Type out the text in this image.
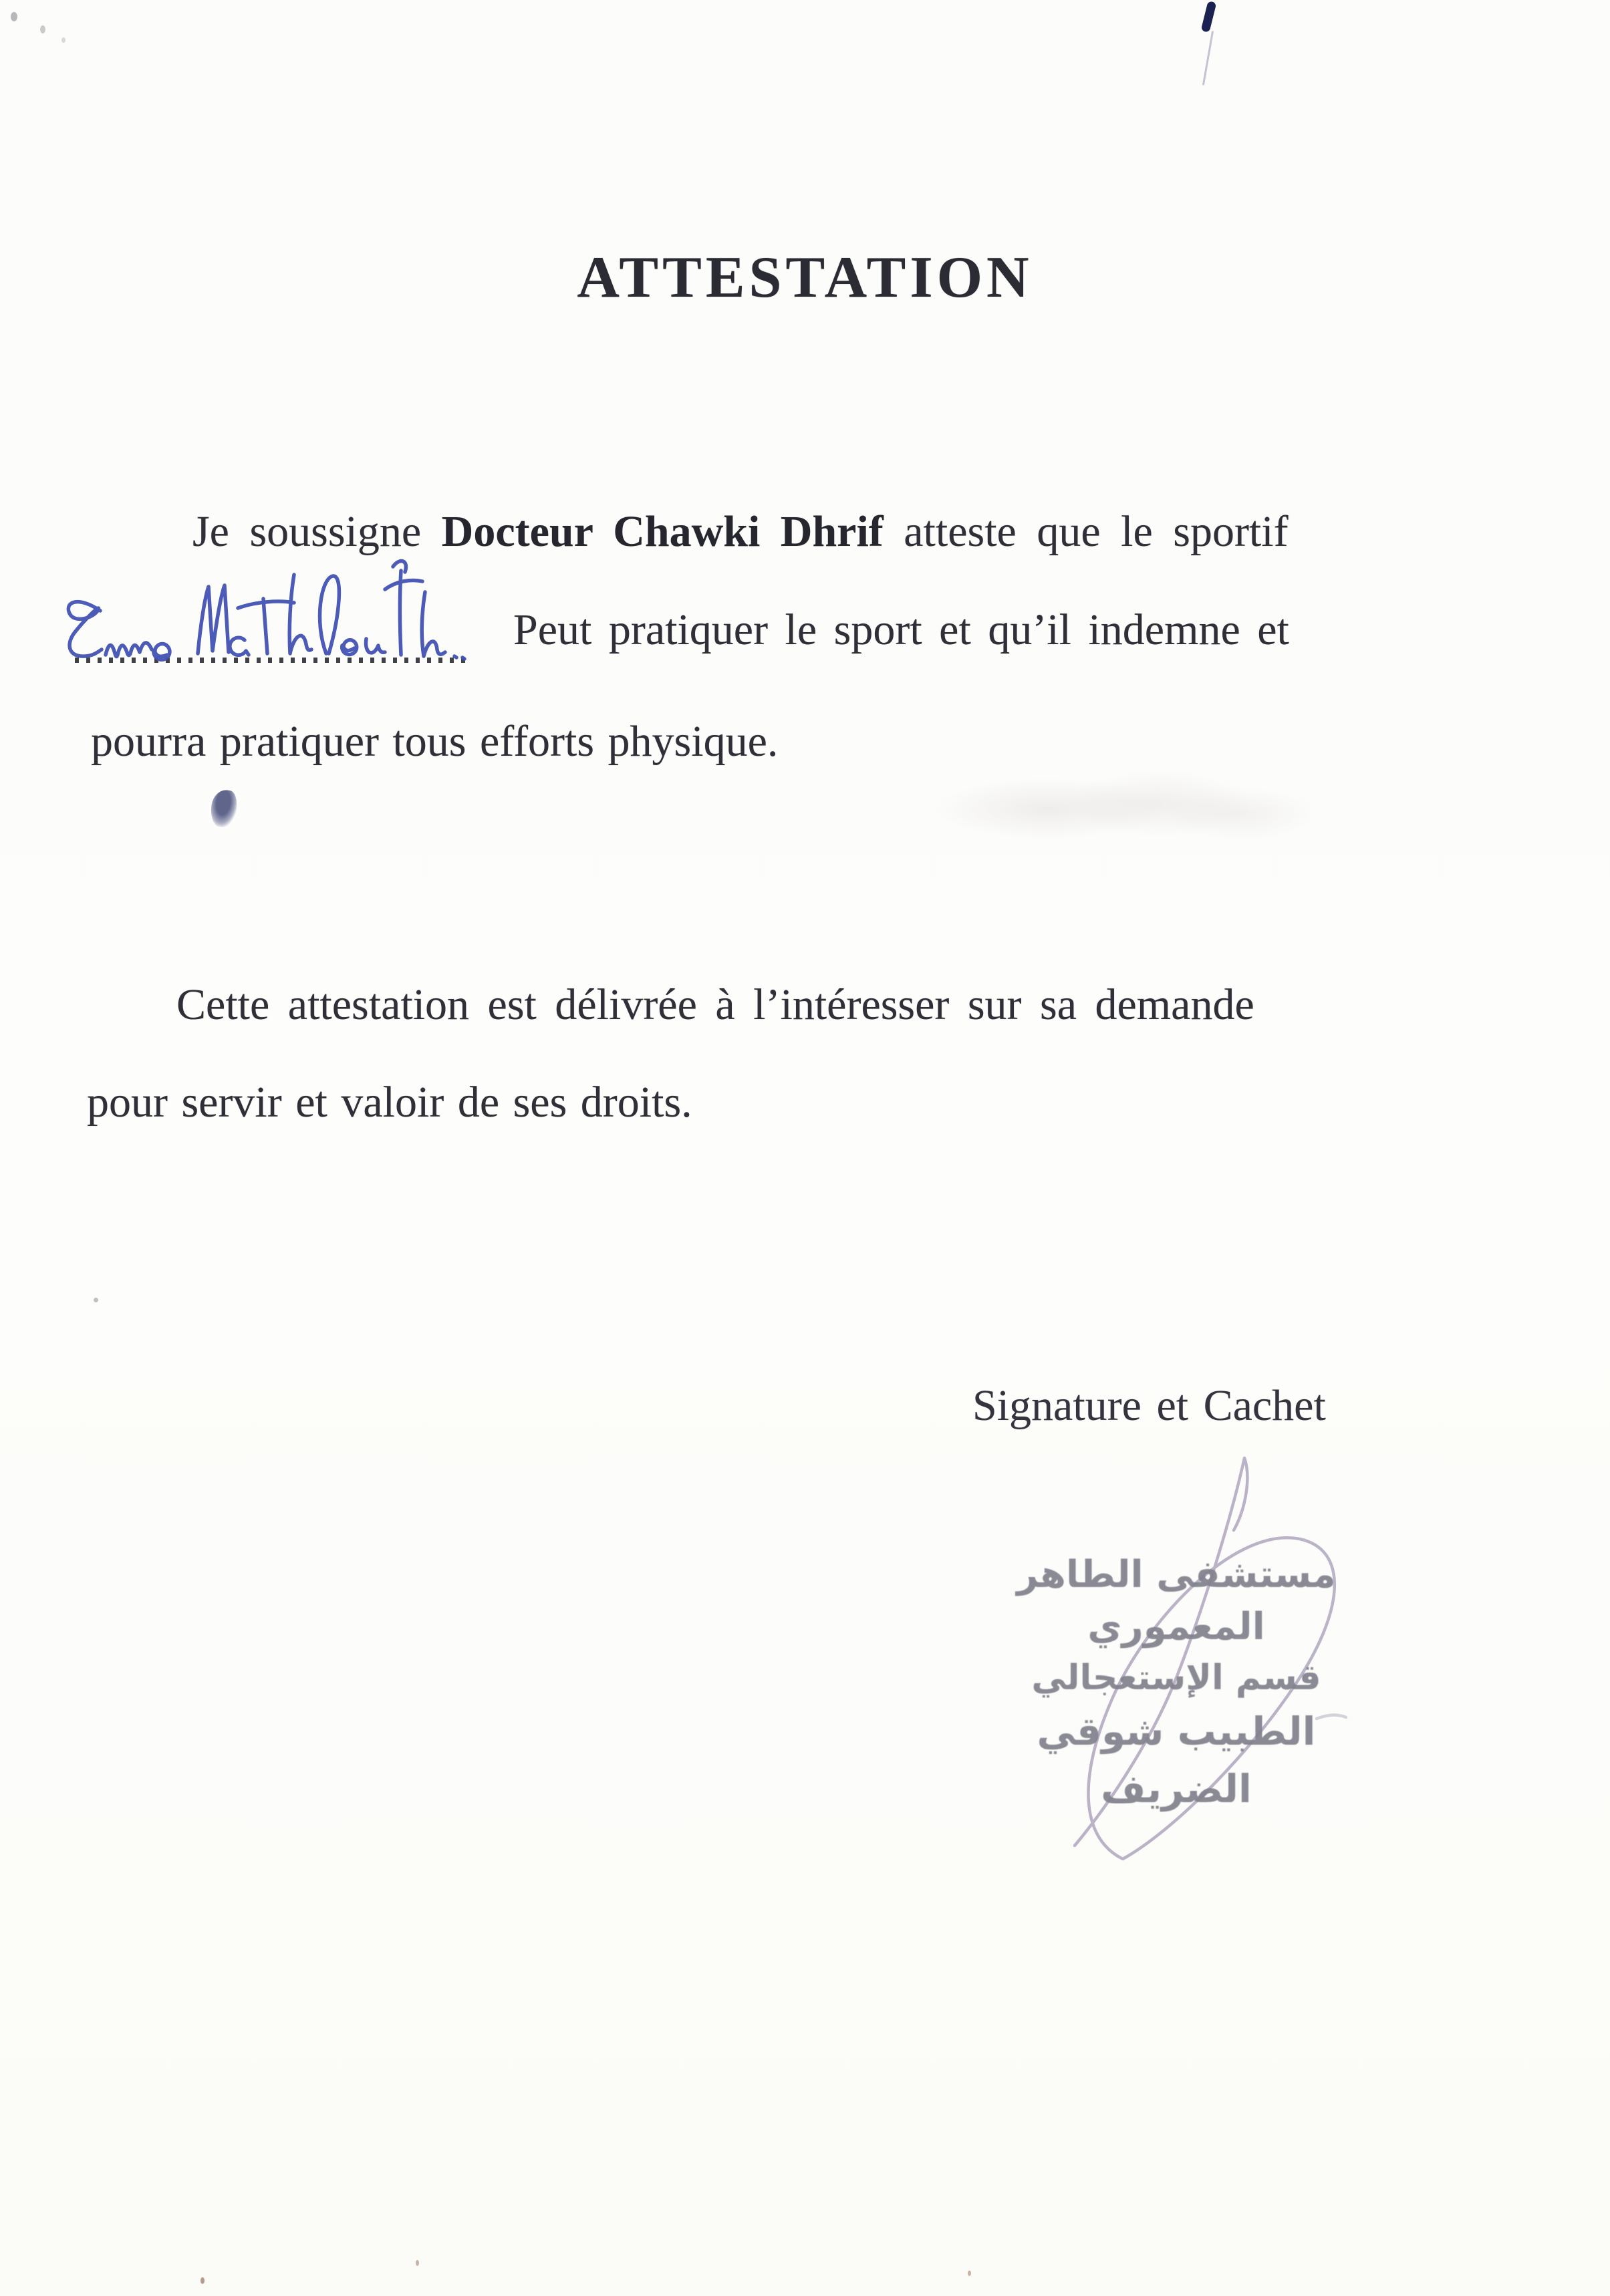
ATTESTATION
Je soussigne Docteur Chawki Dhrif atteste que le sportif
Peut pratiquer le sport et qu’il indemne et
pourra pratiquer tous efforts physique.
Cette attestation est délivrée à l’intéresser sur sa demande
pour servir et valoir de ses droits.
Signature et Cachet
مستشفى الطاهر المعموري
قسم الإستعجالي
الطبيب شوقي الضريف
